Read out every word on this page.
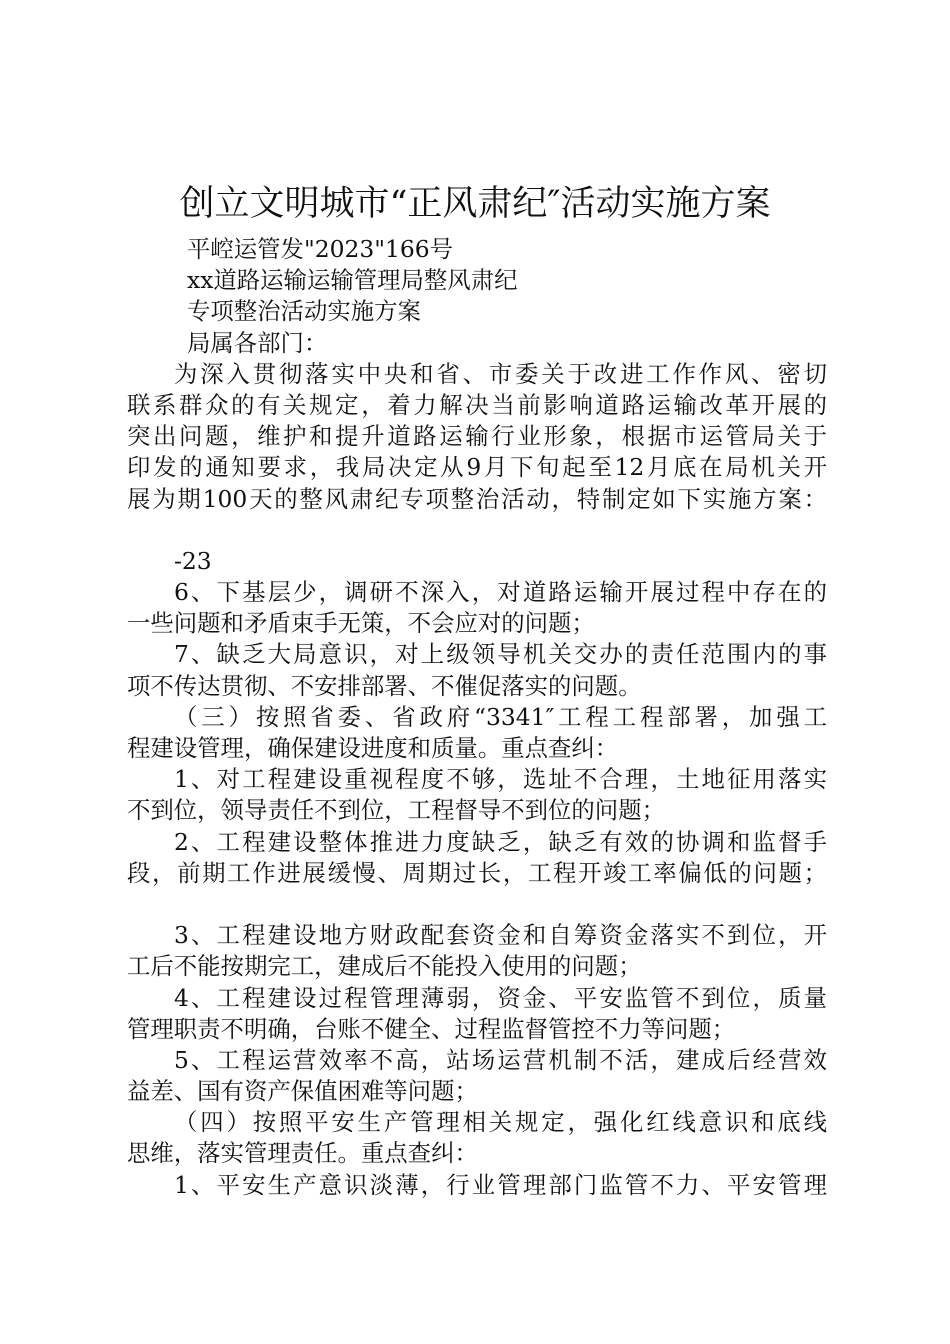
创立文明城市“正风肃纪″活动实施方案
平崆运管发"2023"166号
xx道路运输运输管理局整风肃纪
专项整治活动实施方案
局属各部门：
为深入贯彻落实中央和省、市委关于改进工作作风、密切
联系群众的有关规定，着力解决当前影响道路运输改革开展的
突出问题，维护和提升道路运输行业形象，根据市运管局关于
印发的通知要求，我局决定从9月下旬起至12月底在局机关开
展为期100天的整风肃纪专项整治活动，特制定如下实施方案：
-23
6、下基层少，调研不深入，对道路运输开展过程中存在的
一些问题和矛盾束手无策，不会应对的问题；
7、缺乏大局意识，对上级领导机关交办的责任范围内的事
项不传达贯彻、不安排部署、不催促落实的问题。
（三）按照省委、省政府“3341″工程工程部署，加强工
程建设管理，确保建设进度和质量。重点查纠：
1、对工程建设重视程度不够，选址不合理，土地征用落实
不到位，领导责任不到位，工程督导不到位的问题；
2、工程建设整体推进力度缺乏，缺乏有效的协调和监督手
段，前期工作进展缓慢、周期过长，工程开竣工率偏低的问题；
3、工程建设地方财政配套资金和自筹资金落实不到位，开
工后不能按期完工，建成后不能投入使用的问题；
4、工程建设过程管理薄弱，资金、平安监管不到位，质量
管理职责不明确，台账不健全、过程监督管控不力等问题；
5、工程运营效率不高，站场运营机制不活，建成后经营效
益差、国有资产保值困难等问题；
（四）按照平安生产管理相关规定，强化红线意识和底线
思维，落实管理责任。重点查纠：
1、平安生产意识淡薄，行业管理部门监管不力、平安管理
